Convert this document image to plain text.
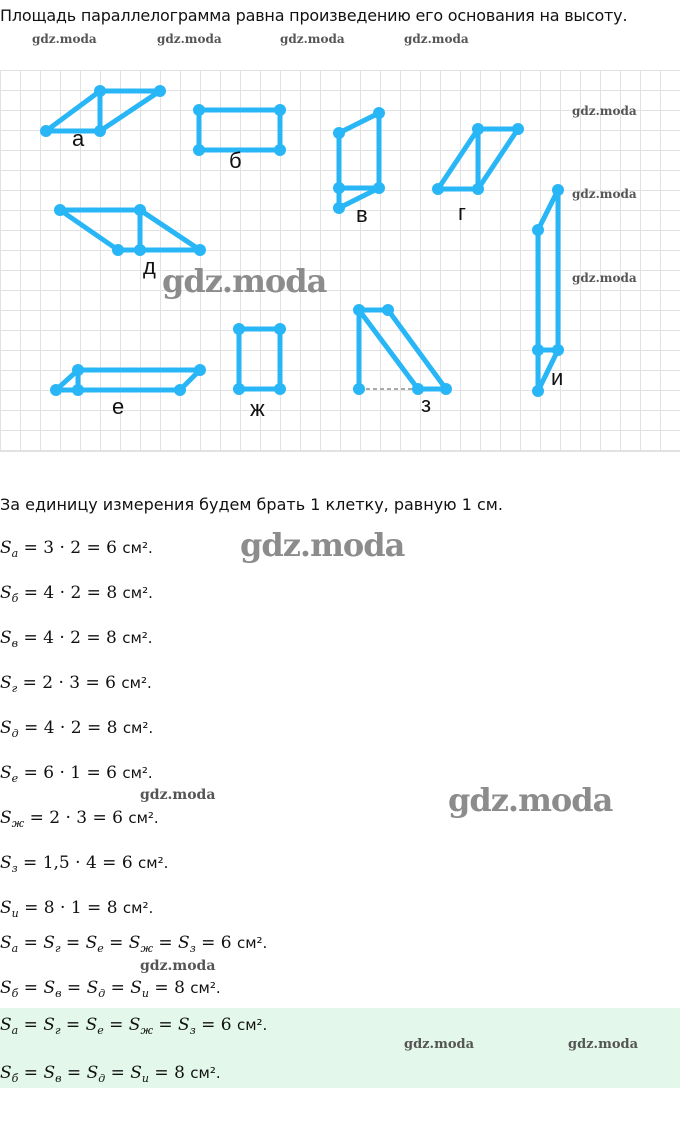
Площадь параллелограмма равна произведению его основания на высоту.
gdz.moda	gdz.moda	gdz.moda	gdz.moda
а
б
в	г
д
е	ж	з
и
gdz.moda
gdz.moda
gdz.moda
gdz.moda
За единицу измерения будем брать 1 клетку, равную 1 см.
gdz.moda
gdz.moda	gdz.moda
gdz.moda
$S_а = 3 \cdot 2 = 6$ см².
$S_б = 4 \cdot 2 = 8$ см².
$S_в = 4 \cdot 2 = 8$ см².
$S_г = 2 \cdot 3 = 6$ см².
$S_д = 4 \cdot 2 = 8$ см².
$S_е = 6 \cdot 1 = 6$ см².
$S_ж = 2 \cdot 3 = 6$ см².
$S_з = 1,5 \cdot 4 = 6$ см².
$S_и = 8 \cdot 1 = 8$ см².
$S_а = S_г = S_е = S_ж = S_з = 6$ см².
$S_б = S_в = S_д = S_и = 8$ см².
$S_а = S_г = S_е = S_ж = S_з = 6$ см².
$S_б = S_в = S_д = S_и = 8$ см².
gdz.moda	gdz.moda
